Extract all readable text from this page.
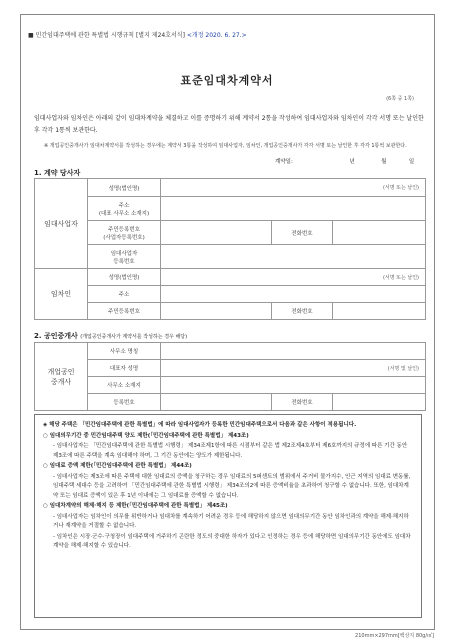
■ 민간임대주택에 관한 특별법 시행규칙 [별지 제24호서식] <개정 2020. 6. 27.>
표준임대차계약서
(6쪽 중 1쪽)
임대사업자와 임차인은 아래의 같이 임대차계약을 체결하고 이를 증명하기 위해 계약서 2통을 작성하여 임대사업자와 임차인이 각각 서명 또는 날인한 후 각각 1통씩 보관한다.
※ 개업공인중개사가 임대차계약서를 작성하는 경우에는 계약서 3통을 작성하여 임대사업자, 임차인, 개업공인중개사가 각각 서명 또는 날인한 후 각각 1통씩 보관한다.
계약일:	년	월	일
1. 계약 당사자
임대사업자	성명(법인명)	(서명 또는 날인)		

	주소
(대표 사무소 소재지)			

	주민등록번호
(사업자등록번호)		전화번호	

	임대사업자
등록번호			

임차인	성명(법인명)	(서명 또는 날인)		
	주소			
	주민등록번호		전화번호	
2. 공인중개사 (개업공인중개사가 계약서를 작성하는 경우 해당)
개업공인
중개사	사무소 명칭			
	대표자 성명	(서명 및 날인)		
	사무소 소재지			
	등록번호		전화번호	

◈ 해당 주택은 「민간임대주택에 관한 특별법」에 따라 임대사업자가 등록한 민간임대주택으로서 다음과 같은 사항이 적용됩니다.

○ 임대의무기간 중 민간임대주택 양도 제한(「민간임대주택에 관한 특별법」 제43조)

- 임대사업자는 「민간임대주택에 관한 특별법 시행령」 제34조제1항에 따른 시점부터 같은 법 제2조제4호부터 제6호까지의 규정에 따른 기간 동안 제3조에 따른 주택을 계속 임대해야 하며, 그 기간 동안에는 양도가 제한됩니다.

○ 임대료 증액 제한(「민간임대주택에 관한 특별법」 제44조)

- 임대사업자는 제3조에 따른 주택에 대한 임대료의 증액을 청구하는 경우 임대료의 5퍼센트의 범위에서 주거비 물가지수, 인근 지역의 임대료 변동률, 임대주택 세대수 등을 고려하여 「민간임대주택에 관한 특별법 시행령」 제34조의2에 따른 증액비율을 초과하여 청구할 수 없습니다. 또한, 임대차계약 또는 임대료 증액이 있은 후 1년 이내에는 그 임대료를 증액할 수 없습니다.

○ 임대차계약의 해제·해지 등 제한(「민간임대주택에 관한 특별법」 제45조)

- 임대사업자는 임차인이 의무를 위반하거나 임대차를 계속하기 어려운 경우 등에 해당하지 않으면 임대의무기간 동안 임차인과의 계약을 해제·해지하거나 재계약을 거절할 수 없습니다.

- 임차인은 시장·군수·구청장이 임대주택에 거주하기 곤란한 정도의 중대한 하자가 있다고 인정하는 경우 등에 해당하면 임대의무기간 동안에도 임대차계약을 해제·해지할 수 있습니다.

210mm×297mm[백상지 80g/㎡]
